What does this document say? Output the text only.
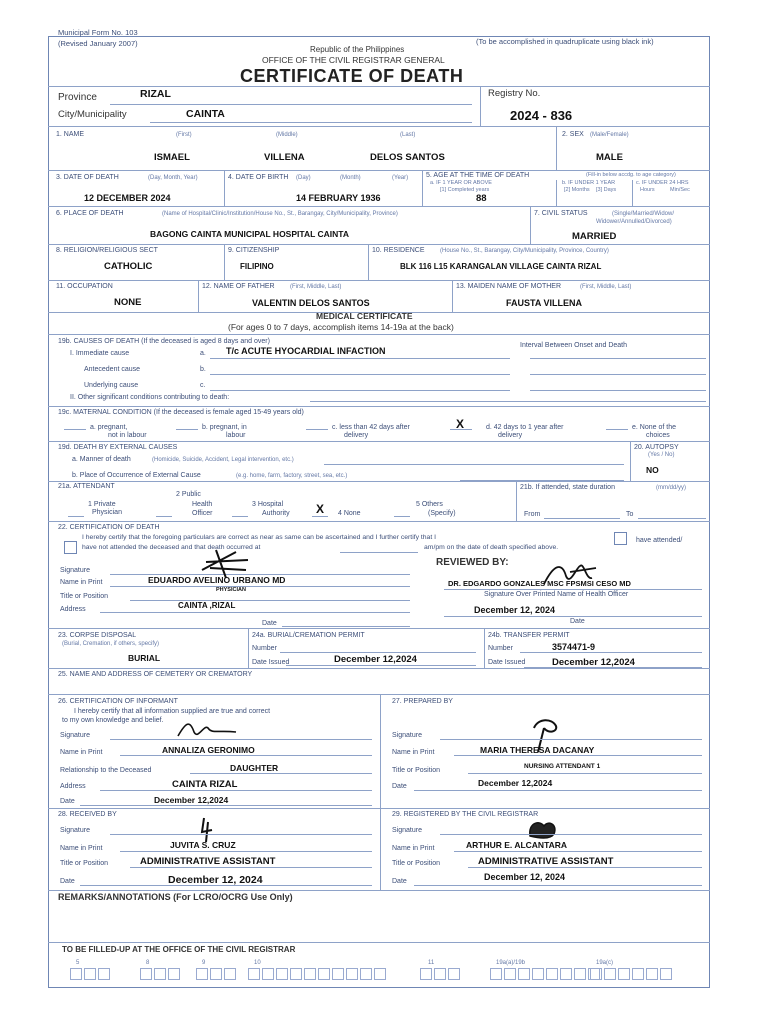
Municipal Form No. 103
(Revised January 2007)
Republic of the Philippines
OFFICE OF THE CIVIL REGISTRAR GENERAL
CERTIFICATE OF DEATH
(To be accomplished in quadruplicate using black ink)
Province	RIZAL
City/Municipality	CAINTA
Registry No.
2024 - 836
1. NAME	(First)	(Middle)	(Last)
ISMAEL	VILLENA	DELOS SANTOS
2. SEX (Male/Female)
MALE
3. DATE OF DEATH	(Day, Month, Year)
12 DECEMBER 2024
4. DATE OF BIRTH (Day)	(Month)	(Year)
14 FEBRUARY 1936
5. AGE AT THE TIME OF DEATH	(Fill-in below accdg. to age category)
a. IF 1 YEAR OR ABOVE
[1] Completed years
b. IF UNDER 1 YEAR
[2] Months [3] Days
c. IF UNDER 24 HRS
Hours	Min/Sec
88
6. PLACE OF DEATH	(Name of Hospital/Clinic/Institution/House No., St., Barangay, City/Municipality, Province)
BAGONG CAINTA MUNICIPAL HOSPITAL CAINTA
7. CIVIL STATUS	(Single/Married/Widow/
Widower/Annulled/Divorced)
MARRIED
8. RELIGION/RELIGIOUS SECT
CATHOLIC
9. CITIZENSHIP
FILIPINO
10. RESIDENCE	(House No., St., Barangay, City/Municipality, Province, Country)
BLK 116 L15 KARANGALAN VILLAGE CAINTA RIZAL
11. OCCUPATION
NONE
12. NAME OF FATHER	(First, Middle, Last)
VALENTIN DELOS SANTOS
13. MAIDEN NAME OF MOTHER	(First, Middle, Last)
FAUSTA VILLENA
MEDICAL CERTIFICATE
(For ages 0 to 7 days, accomplish items 14-19a at the back)
19b. CAUSES OF DEATH (If the deceased is aged 8 days and over)
Interval Between Onset and Death
I. Immediate cause	a. T/c ACUTE HYOCARDIAL INFACTION
Antecedent cause	b.
Underlying cause	c.
II. Other significant conditions contributing to death:
19c. MATERNAL CONDITION (If the deceased is female aged 15-49 years old)
a. pregnant,
not in labour
b. pregnant, in
labour
c. less than 42 days after
delivery
X	d. 42 days to 1 year after
delivery
e. None of the
choices
19d. DEATH BY EXTERNAL CAUSES
a. Manner of death	(Homicide, Suicide, Accident, Legal intervention, etc.)
b. Place of Occurrence of External Cause	(e.g. home, farm, factory, street, sea, etc.)
20. AUTOPSY
(Yes / No)
NO
21a. ATTENDANT
2 Public
1 Private
Physician
Health
Officer
3 Hospital
Authority X 4 None
5 Others
(Specify)
21b. If attended, state duration	(mm/dd/yy)
From	To
22. CERTIFICATION OF DEATH
I hereby certify that the foregoing particulars are correct as near as same can be ascertained and I further certify that I	have attended/
have not attended the deceased and that death occurred at	am/pm on the date of death specified above.
Signature
Name in Print	EDUARDO AVELINO URBANO MD
PHYSICIAN
Title or Position
Address	CAINTA ,RIZAL
Date
REVIEWED BY:
DR. EDGARDO GONZALES MSC FPSMSI CESO MD
Signature Over Printed Name of Health Officer
December 12, 2024
Date
23. CORPSE DISPOSAL
(Burial, Cremation, if others, specify)
BURIAL
24a. BURIAL/CREMATION PERMIT
Number
Date Issued	December 12,2024
24b. TRANSFER PERMIT
Number	3574471-9
Date Issued	December 12,2024
25. NAME AND ADDRESS OF CEMETERY OR CREMATORY
26. CERTIFICATION OF INFORMANT
I hereby certify that all information supplied are true and correct
to my own knowledge and belief.
Signature
Name in Print	ANNALIZA GERONIMO
Relationship to the Deceased	DAUGHTER
Address	CAINTA RIZAL
Date	December 12,2024
27. PREPARED BY
Signature
Name in Print	MARIA THERESA DACANAY
Title or Position
NURSING ATTENDANT 1
Date	December 12,2024
28. RECEIVED BY
Signature
Name in Print	JUVITA S. CRUZ
Title or Position	ADMINISTRATIVE ASSISTANT
Date	December 12, 2024
29. REGISTERED BY THE CIVIL REGISTRAR
Signature
Name in Print	ARTHUR E. ALCANTARA
Title or Position	ADMINISTRATIVE ASSISTANT
Date	December 12, 2024
REMARKS/ANNOTATIONS (For LCRO/OCRG Use Only)
TO BE FILLED-UP AT THE OFFICE OF THE CIVIL REGISTRAR
5	8	9	10	11	19a(a)/19b	19a(c)
